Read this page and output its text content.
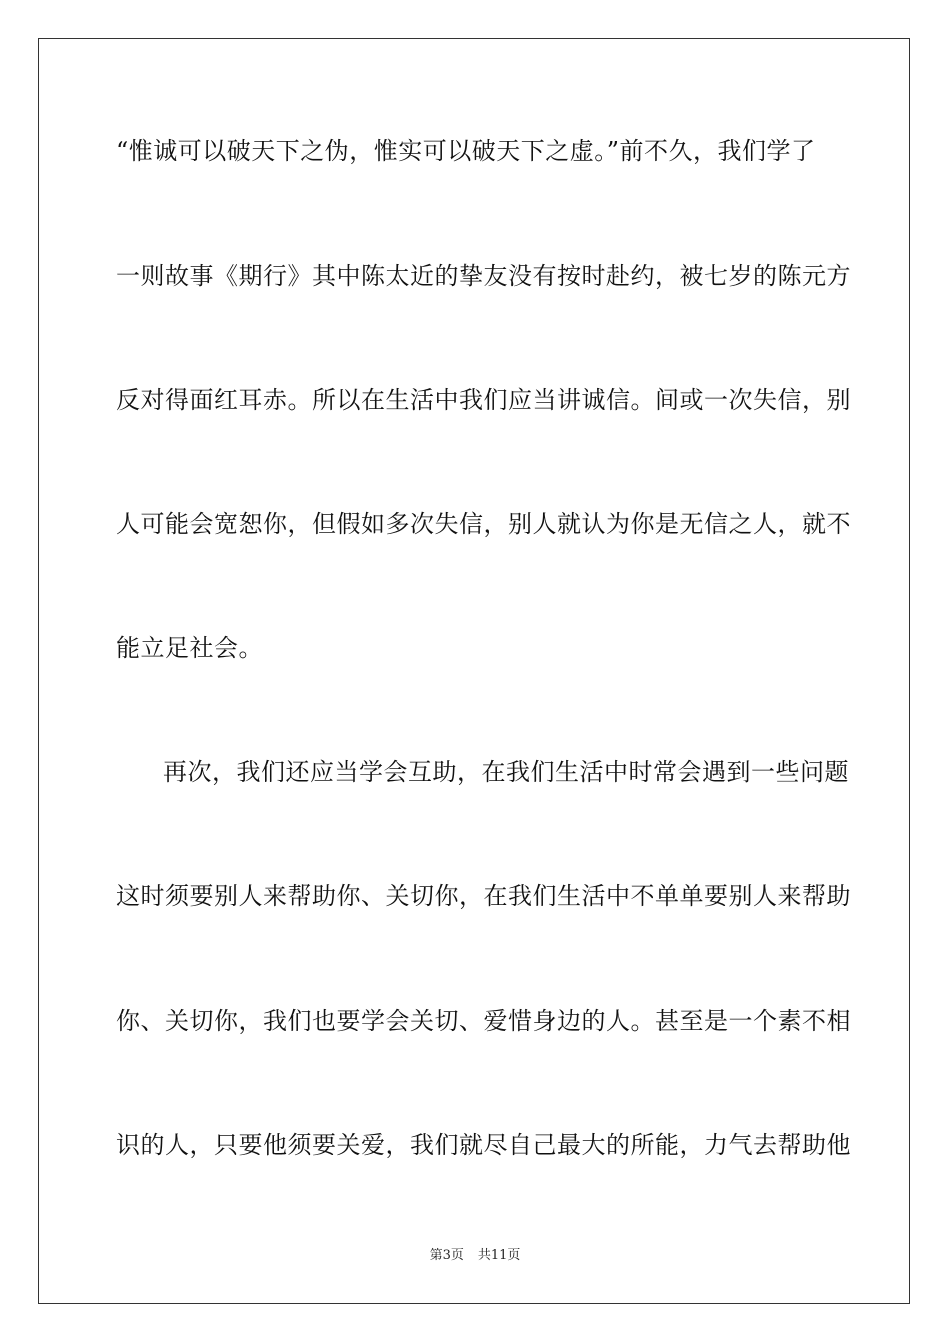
“惟诚可以破天下之伪，惟实可以破天下之虚。”前不久，我们学了
一则故事《期行》其中陈太近的挚友没有按时赴约，被七岁的陈元方
反对得面红耳赤。所以在生活中我们应当讲诚信。间或一次失信，别
人可能会宽恕你，但假如多次失信，别人就认为你是无信之人，就不
能立足社会。
再次，我们还应当学会互助，在我们生活中时常会遇到一些问题
这时须要别人来帮助你、关切你，在我们生活中不单单要别人来帮助
你、关切你，我们也要学会关切、爱惜身边的人。甚至是一个素不相
识的人，只要他须要关爱，我们就尽自己最大的所能，力气去帮助他
第3页 共11页
